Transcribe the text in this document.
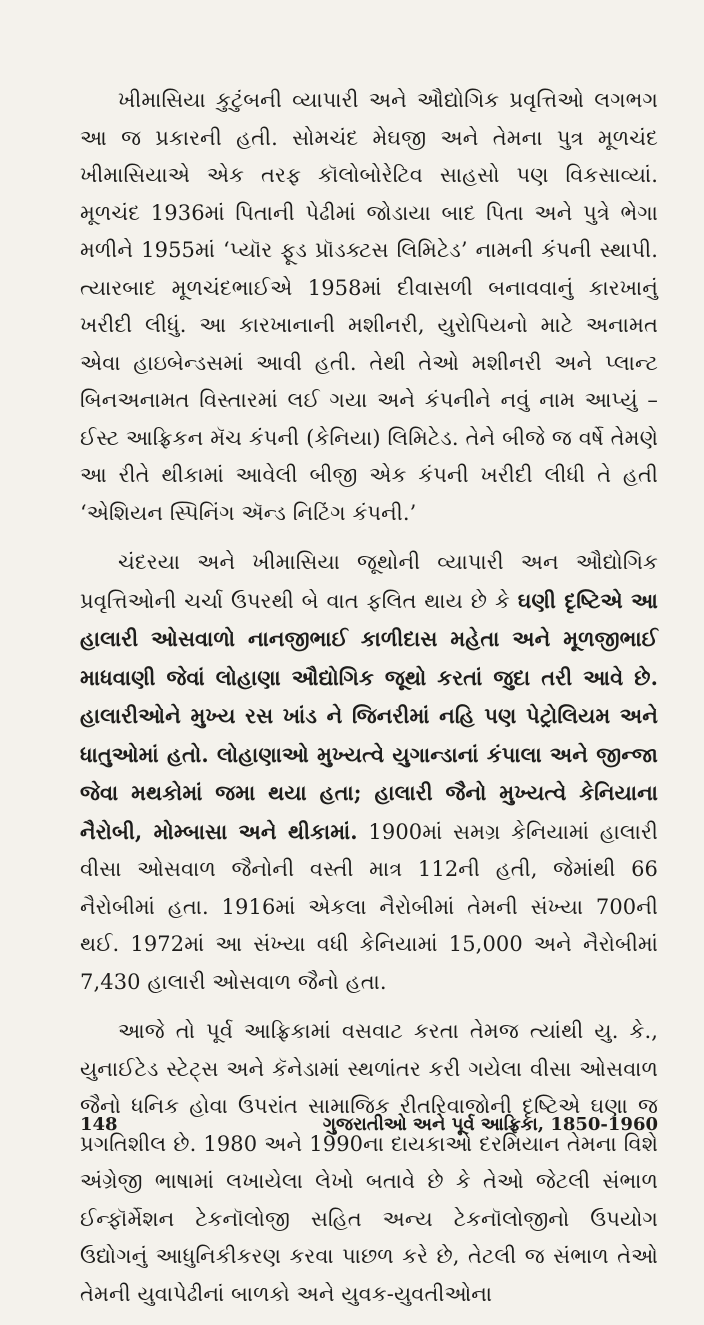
ખીમાસિયા કુટુંબની વ્યાપારી અને ઔદ્યોગિક પ્રવૃત્તિઓ લગભગ આ જ પ્રકારની હતી. સોમચંદ મેઘજી અને તેમના પુત્ર મૂળચંદ ખીમાસિયાએ એક તરફ કૉલોબોરેટિવ સાહસો પણ વિકસાવ્યાં. મૂળચંદ 1936માં પિતાની પેઢીમાં જોડાયા બાદ પિતા અને પુત્રે ભેગા મળીને 1955માં ‘પ્યૉર ફૂડ પ્રૉડક્ટસ લિમિટેડ’ નામની કંપની સ્થાપી. ત્યારબાદ મૂળચંદભાઈએ 1958માં દીવાસળી બનાવવાનું કારખાનું ખરીદી લીધું. આ કારખાનાની મશીનરી, યુરોપિયનો માટે અનામત એવા હાઇબેન્ડસમાં આવી હતી. તેથી તેઓ મશીનરી અને પ્લાન્ટ બિનઅનામત વિસ્તારમાં લઈ ગયા અને કંપનીને નવું નામ આપ્યું – ઈસ્ટ આફ્રિકન મૅચ કંપની (કેનિયા) લિમિટેડ. તેને બીજે જ વર્ષે તેમણે આ રીતે થીકામાં આવેલી બીજી એક કંપની ખરીદી લીધી તે હતી ‘એશિયન સ્પિનિંગ ઍન્ડ નિટિંગ કંપની.’

ચંદરયા અને ખીમાસિયા જૂથોની વ્યાપારી અન ઔદ્યોગિક પ્રવૃત્તિઓની ચર્ચા ઉપરથી બે વાત ફલિત થાય છે કે ઘણી દૃષ્ટિએ આ હાલારી ઓસવાળો નાનજીભાઈ કાળીદાસ મહેતા અને મૂળજીભાઈ માધવાણી જેવાં લોહાણા ઔદ્યોગિક જૂથો કરતાં જુદા તરી આવે છે. હાલારીઓને મુખ્ય રસ ખાંડ ને જિનરીમાં નહિ પણ પેટ્રોલિયમ અને ધાતુઓમાં હતો. લોહાણાઓ મુખ્યત્વે યુગાન્ડાનાં કંપાલા અને જીન્જા જેવા મથકોમાં જમા થયા હતા; હાલારી જૈનો મુખ્યત્વે કેનિયાના નૈરોબી, મોમ્બાસા અને થીકામાં. 1900માં સમગ્ર કેનિયામાં હાલારી વીસા ઓસવાળ જૈનોની વસ્તી માત્ર 112ની હતી, જેમાંથી 66 નૈરોબીમાં હતા. 1916માં એકલા નૈરોબીમાં તેમની સંખ્યા 700ની થઈ. 1972માં આ સંખ્યા વધી કેનિયામાં 15,000 અને નૈરોબીમાં 7,430 હાલારી ઓસવાળ જૈનો હતા.

આજે તો પૂર્વ આફ્રિકામાં વસવાટ કરતા તેમજ ત્યાંથી યુ. કે., યુનાઈટેડ સ્ટેટ્સ અને કૅનેડામાં સ્થળાંતર કરી ગયેલા વીસા ઓસવાળ જૈનો ધનિક હોવા ઉપરાંત સામાજિક રીતરિવાજોની દૃષ્ટિએ ઘણા જ પ્રગતિશીલ છે. 1980 અને 1990ના દાયકાઓ દરમિયાન તેમના વિશે અંગ્રેજી ભાષામાં લખાયેલા લેખો બતાવે છે કે તેઓ જેટલી સંભાળ ઈન્ફૉર્મેશન ટેકનૉલોજી સહિત અન્ય ટેકનૉલોજીનો ઉપયોગ ઉદ્યોગનું આધુનિકીકરણ કરવા પાછળ કરે છે, તેટલી જ સંભાળ તેઓ તેમની યુવાપેઢીનાં બાળકો અને યુવક-યુવતીઓના

148	ગુજરાતીઓ અને પૂર્વ આફ્રિકા, 1850-1960
